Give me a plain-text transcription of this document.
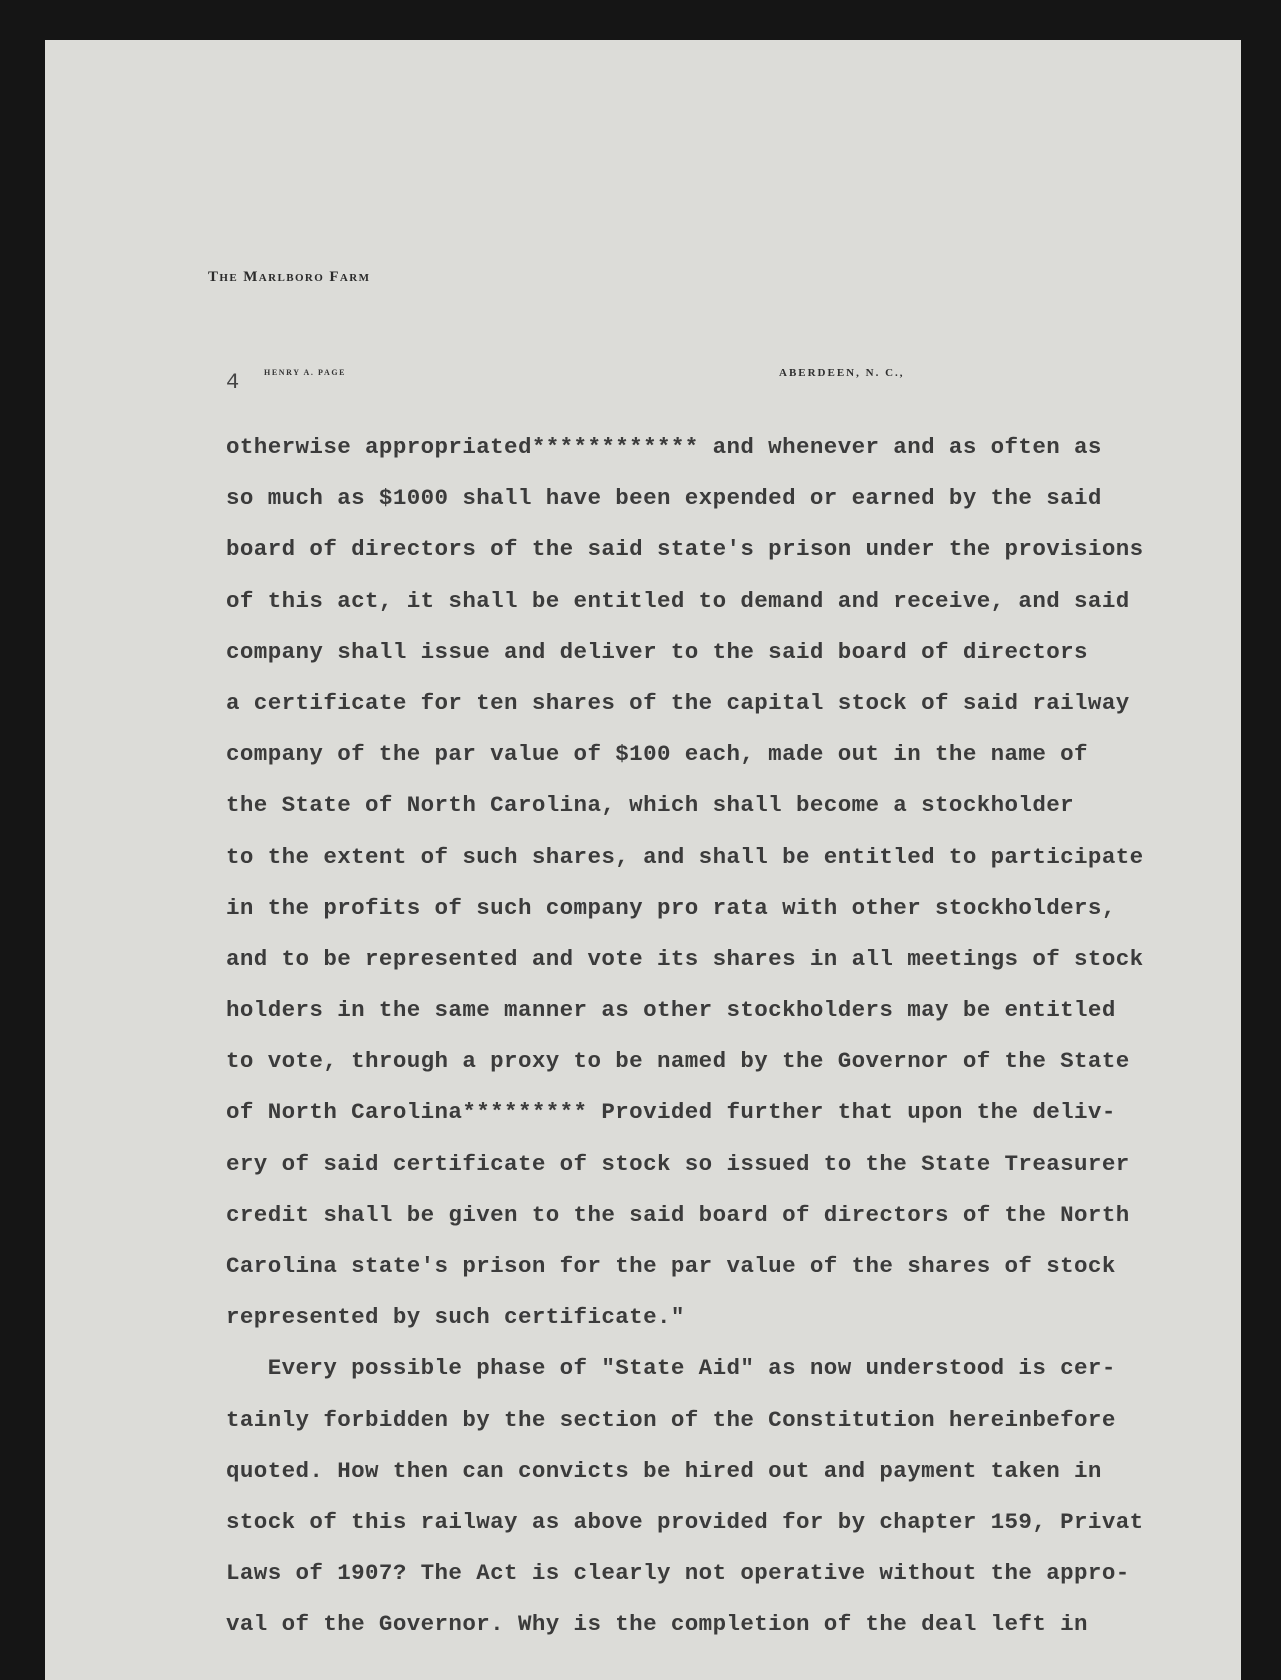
The Marlboro Farm
4	HENRY A. PAGE	ABERDEEN, N. C.,
otherwise appropriated************ and whenever and as often as
so much as $1000 shall have been expended or earned by the said
board of directors of the said state's prison under the provisions
of this act, it shall be entitled to demand and receive, and said
company shall issue and deliver to the said board of directors
a certificate for ten shares of the capital stock of said railway
company of the par value of $100 each, made out in the name of
the State of North Carolina, which shall become a stockholder
to the extent of such shares, and shall be entitled to participate
in the profits of such company pro rata with other stockholders,
and to be represented and vote its shares in all meetings of stock
holders in the same manner as other stockholders may be entitled
to vote, through a proxy to be named by the Governor of the State
of North Carolina********* Provided further that upon the deliv-
ery of said certificate of stock so issued to the State Treasurer
credit shall be given to the said board of directors of the North
Carolina state's prison for the par value of the shares of stock
represented by such certificate."
Every possible phase of "State Aid" as now understood is cer-
tainly forbidden by the section of the Constitution hereinbefore
quoted. How then can convicts be hired out and payment taken in
stock of this railway as above provided for by chapter 159, Privat
Laws of 1907? The Act is clearly not operative without the appro-
val of the Governor. Why is the completion of the deal left in
